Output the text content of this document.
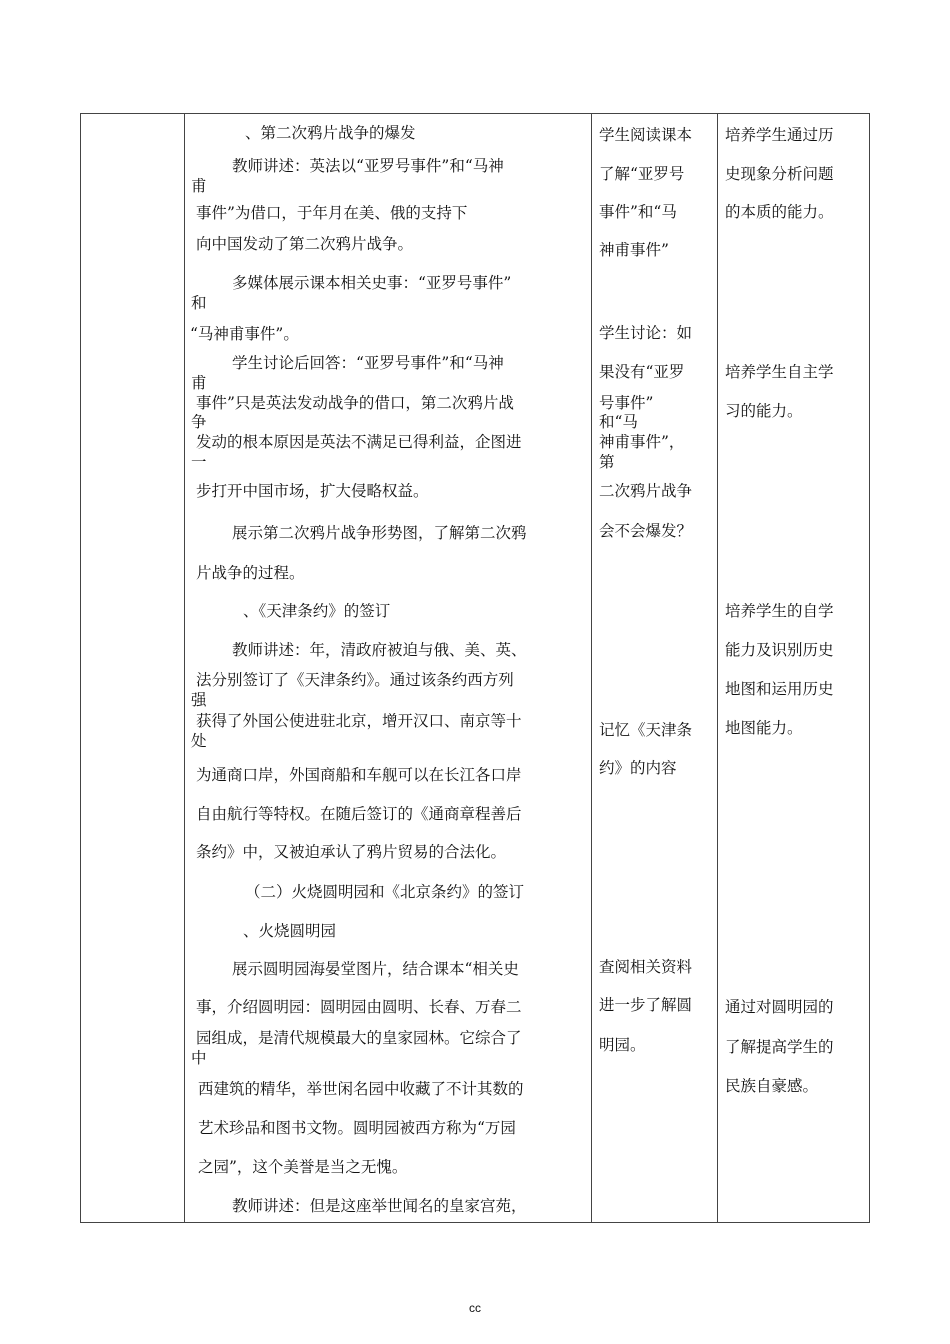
、第二次鸦片战争的爆发
教师讲述：英法以“亚罗号事件”和“马神
甫
事件”为借口，于年月在美、俄的支持下
向中国发动了第二次鸦片战争。
多媒体展示课本相关史事：“亚罗号事件”
和
“马神甫事件”。
学生讨论后回答：“亚罗号事件”和“马神
甫
事件”只是英法发动战争的借口，第二次鸦片战
争
发动的根本原因是英法不满足已得利益，企图进
一
步打开中国市场，扩大侵略权益。
展示第二次鸦片战争形势图，了解第二次鸦
片战争的过程。
、《天津条约》的签订
教师讲述：年，清政府被迫与俄、美、英、
法分别签订了《天津条约》。通过该条约西方列
强
获得了外国公使进驻北京，增开汉口、南京等十
处
为通商口岸，外国商船和车舰可以在长江各口岸
自由航行等特权。在随后签订的《通商章程善后
条约》中，又被迫承认了鸦片贸易的合法化。
（二）火烧圆明园和《北京条约》的签订
、火烧圆明园
展示圆明园海晏堂图片，结合课本“相关史
事，介绍圆明园：圆明园由圆明、长春、万春二
园组成，是清代规模最大的皇家园林。它综合了
中
西建筑的精华，举世闲名园中收藏了不计其数的
艺术珍品和图书文物。圆明园被西方称为“万园
之园”，这个美誉是当之无愧。
教师讲述：但是这座举世闻名的皇家宫苑，
学生阅读课本
了解“亚罗号
事件”和“马
神甫事件”
学生讨论：如
果没有“亚罗
号事件”
和“马
神甫事件”，
第
二次鸦片战争
会不会爆发？
记忆《天津条
约》的内容
查阅相关资料
进一步了解圆
明园。
培养学生通过历
史现象分析问题
的本质的能力。
培养学生自主学
习的能力。
培养学生的自学
能力及识别历史
地图和运用历史
地图能力。
通过对圆明园的
了解提高学生的
民族自豪感。
cc
